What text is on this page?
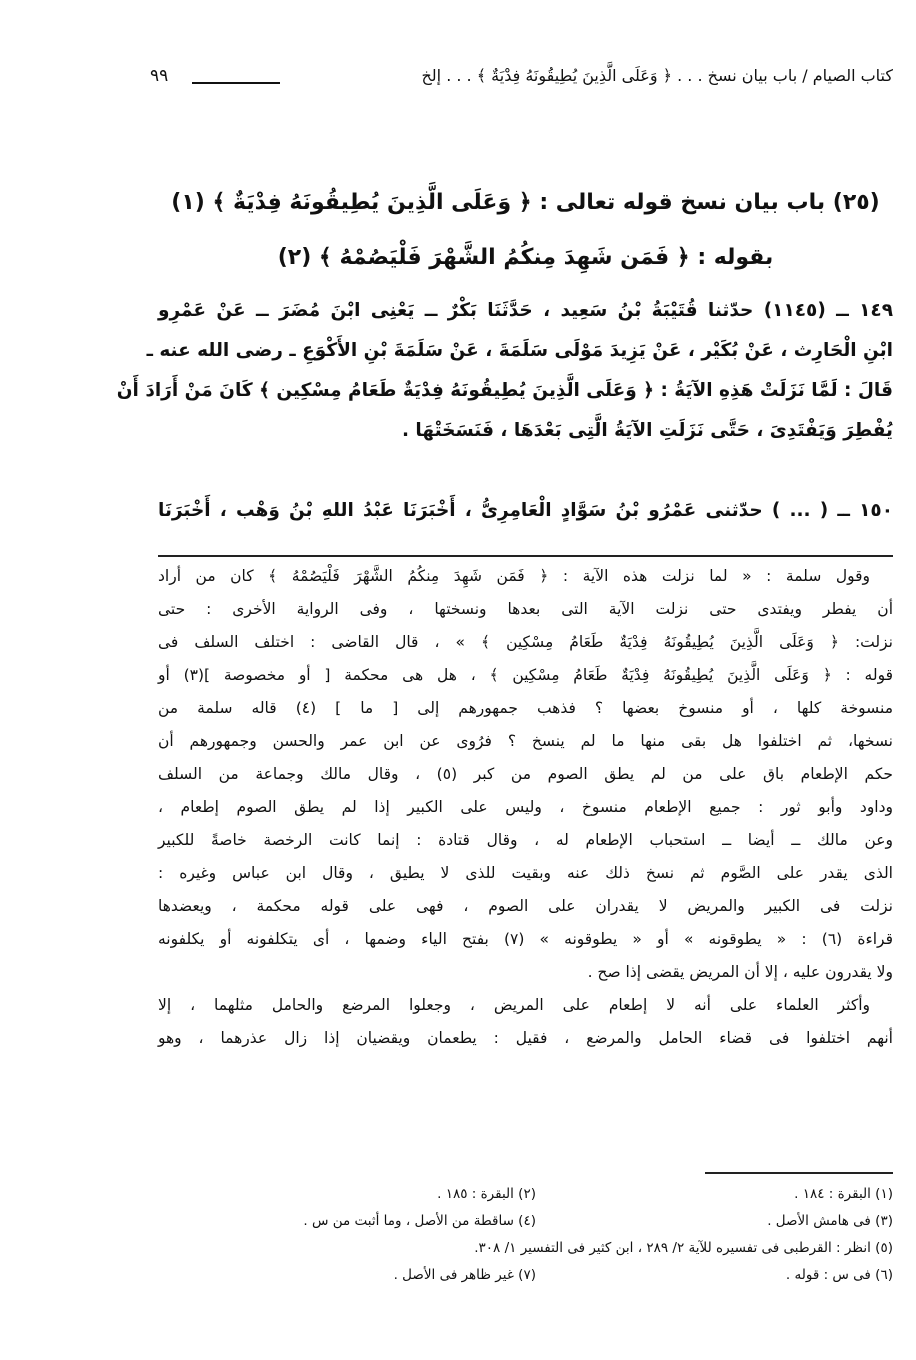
كتاب الصيام / باب بيان نسخ . . . ﴿ وَعَلَى الَّذِينَ يُطِيقُونَهُ فِدْيَةٌ ﴾ . . . إلخ
٩٩
(٢٥) باب بيان نسخ قوله تعالى : ﴿ وَعَلَى الَّذِينَ يُطِيقُونَهُ فِدْيَةٌ ﴾ (١)
بقوله : ﴿ فَمَن شَهِدَ مِنكُمُ الشَّهْرَ فَلْيَصُمْهُ ﴾ (٢)
١٤٩ ــ (١١٤٥) حدّثنا قُتَيْبَةُ بْنُ سَعِيد ، حَدَّثَنَا بَكْرٌ ــ يَعْنِى ابْنَ مُضَرَ ــ عَنْ عَمْرِو
ابْنِ الْحَارِث ، عَنْ بُكَيْر ، عَنْ يَزِيدَ مَوْلَى سَلَمَةَ ، عَنْ سَلَمَةَ بْنِ الأَكْوَعِ ـ رضى الله عنه ـ
قَالَ : لَمَّا نَزَلَتْ هَذِهِ الآيَةُ : ﴿ وَعَلَى الَّذِينَ يُطِيقُونَهُ فِدْيَةٌ طَعَامُ مِسْكِين ﴾ كَانَ مَنْ أَرَادَ أَنْ
يُفْطِرَ وَيَفْتَدِىَ ، حَتَّى نَزَلَتِ الآيَةُ الَّتِى بَعْدَهَا ، فَنَسَخَتْهَا .
١٥٠ ــ ( ... ) حدّثنى عَمْرُو بْنُ سَوَّادٍ الْعَامِرِىُّ ، أَخْبَرَنَا عَبْدُ اللهِ بْنُ وَهْب ، أَخْبَرَنَا
وقول سلمة : « لما نزلت هذه الآية : ﴿ فَمَن شَهِدَ مِنكُمُ الشَّهْرَ فَلْيَصُمْهُ ﴾ كان من أراد
أن يفطر ويفتدى حتى نزلت الآية التى بعدها ونسختها ، وفى الرواية الأخرى : حتى
نزلت: ﴿ وَعَلَى الَّذِينَ يُطِيقُونَهُ فِدْيَةٌ طَعَامُ مِسْكِين ﴾ » ، قال القاضى : اختلف السلف فى
قوله : ﴿ وَعَلَى الَّذِينَ يُطِيقُونَهُ فِدْيَةٌ طَعَامُ مِسْكِين ﴾ ، هل هى محكمة [ أو مخصوصة ](٣) أو
منسوخة كلها ، أو منسوخ بعضها ؟ فذهب جمهورهم إلى [ ما ] (٤) قاله سلمة من
نسخها، ثم اختلفوا هل بقى منها ما لم ينسخ ؟ فرُوى عن ابن عمر والحسن وجمهورهم أن
حكم الإطعام باق على من لم يطق الصوم من كبر (٥) ، وقال مالك وجماعة من السلف
وداود وأبو ثور : جميع الإطعام منسوخ ، وليس على الكبير إذا لم يطق الصوم إطعام ،
وعن مالك ــ أيضا ــ استحباب الإطعام له ، وقال قتادة : إنما كانت الرخصة خاصةً للكبير
الذى يقدر على الصَّوم ثم نسخ ذلك عنه وبقيت للذى لا يطيق ، وقال ابن عباس وغيره :
نزلت فى الكبير والمريض لا يقدران على الصوم ، فهى على قوله محكمة ، ويعضدها
قراءة (٦) : « يطوقونه » أو « يطوقونه » (٧) بفتح الياء وضمها ، أى يتكلفونه أو يكلفونه
ولا يقدرون عليه ، إلا أن المريض يقضى إذا صح .
وأكثر العلماء على أنه لا إطعام على المريض ، وجعلوا المرضع والحامل مثلهما ، إلا
أنهم اختلفوا فى قضاء الحامل والمرضع ، فقيل : يطعمان ويقضيان إذا زال عذرهما ، وهو
(١) البقرة : ١٨٤ .
(٢) البقرة : ١٨٥ .
(٣) فى هامش الأصل .
(٤) ساقطة من الأصل ، وما أثبت من س .
(٥) انظر : القرطبى فى تفسيره للآية ٢/ ٢٨٩ ، ابن كثير فى التفسير ١/ ٣٠٨.
(٦) فى س : قوله .
(٧) غير ظاهر فى الأصل .
